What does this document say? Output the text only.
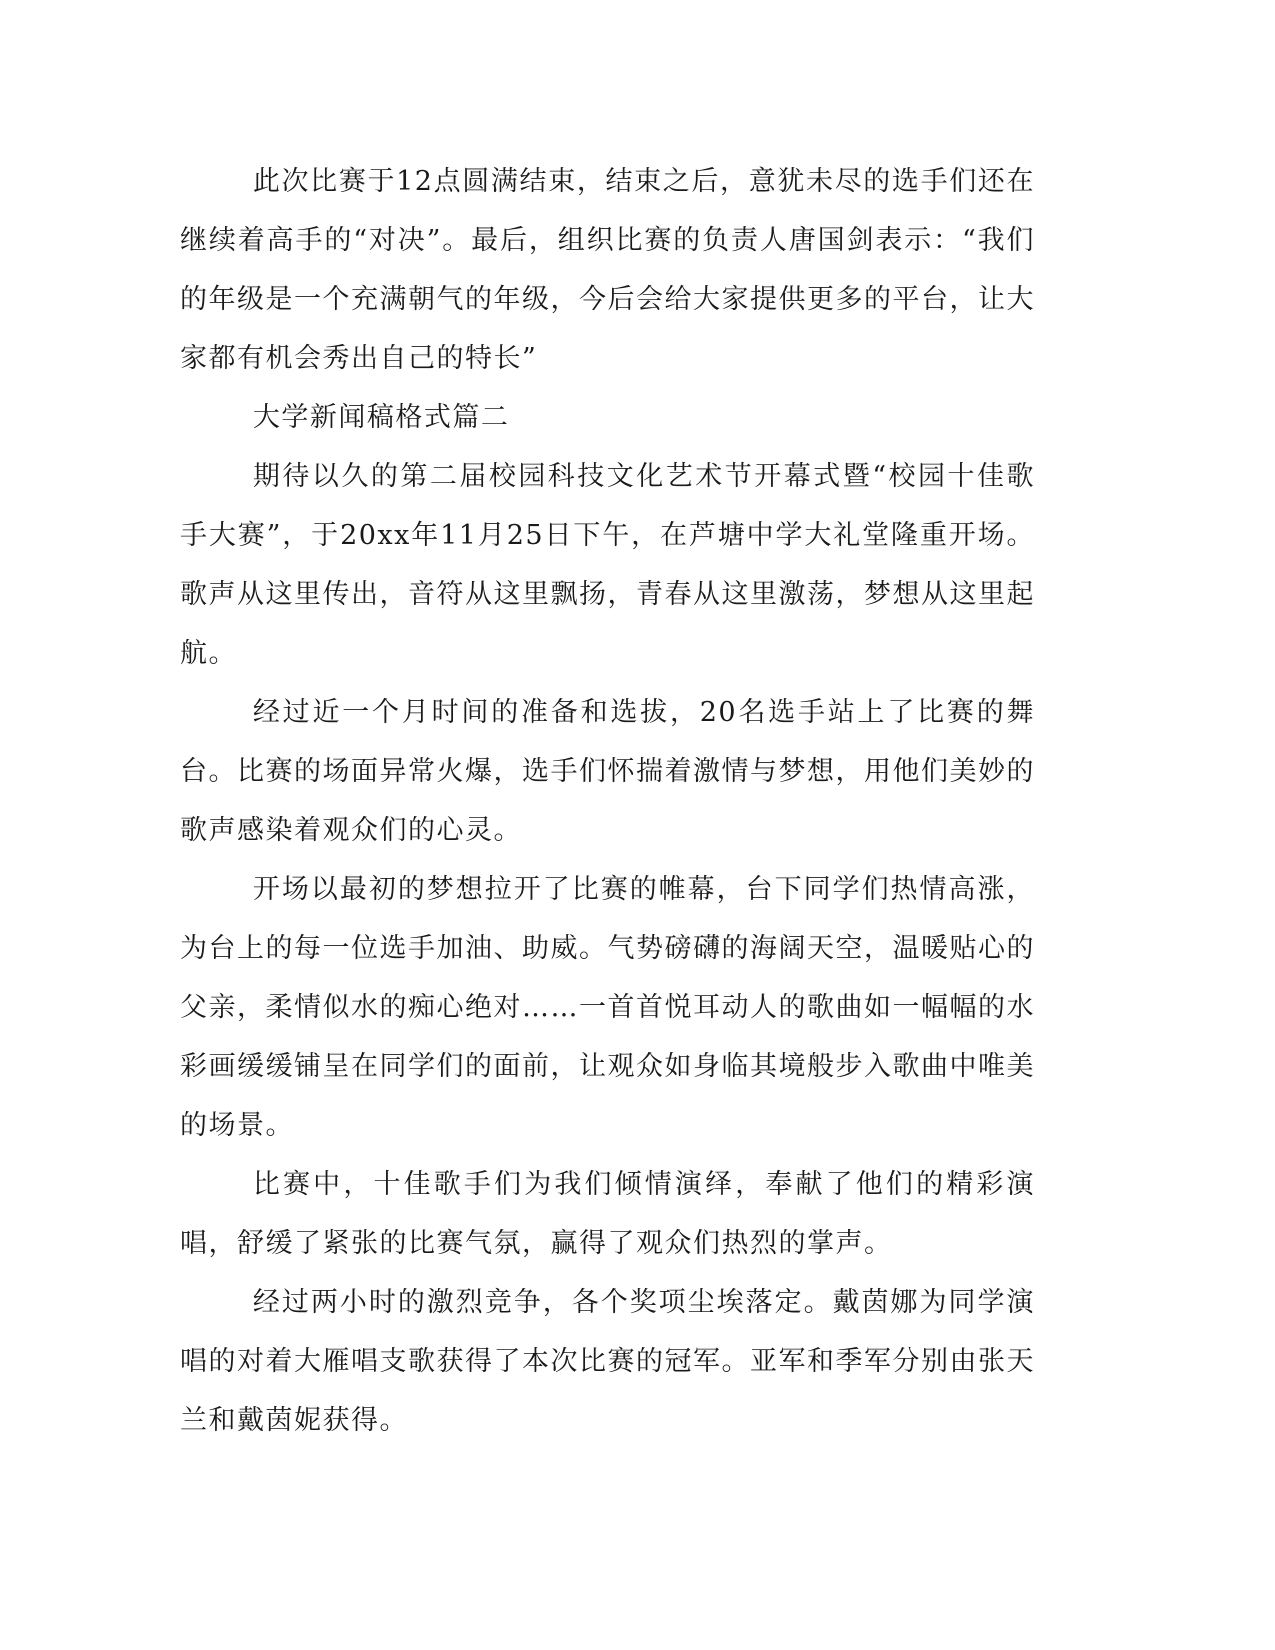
此次比赛于12点圆满结束，结束之后，意犹未尽的选手们还在继续着高手的“对决”。最后，组织比赛的负责人唐国剑表示：“我们的年级是一个充满朝气的年级，今后会给大家提供更多的平台，让大家都有机会秀出自己的特长”

大学新闻稿格式篇二

期待以久的第二届校园科技文化艺术节开幕式暨“校园十佳歌手大赛”，于20xx年11月25日下午，在芦塘中学大礼堂隆重开场。歌声从这里传出，音符从这里飘扬，青春从这里激荡，梦想从这里起航。

经过近一个月时间的准备和选拔，20名选手站上了比赛的舞台。比赛的场面异常火爆，选手们怀揣着激情与梦想，用他们美妙的歌声感染着观众们的心灵。

开场以最初的梦想拉开了比赛的帷幕，台下同学们热情高涨，为台上的每一位选手加油、助威。气势磅礴的海阔天空，温暖贴心的父亲，柔情似水的痴心绝对……一首首悦耳动人的歌曲如一幅幅的水彩画缓缓铺呈在同学们的面前，让观众如身临其境般步入歌曲中唯美的场景。

比赛中，十佳歌手们为我们倾情演绎，奉献了他们的精彩演唱，舒缓了紧张的比赛气氛，赢得了观众们热烈的掌声。

经过两小时的激烈竞争，各个奖项尘埃落定。戴茵娜为同学演唱的对着大雁唱支歌获得了本次比赛的冠军。亚军和季军分别由张天兰和戴茵妮获得。
